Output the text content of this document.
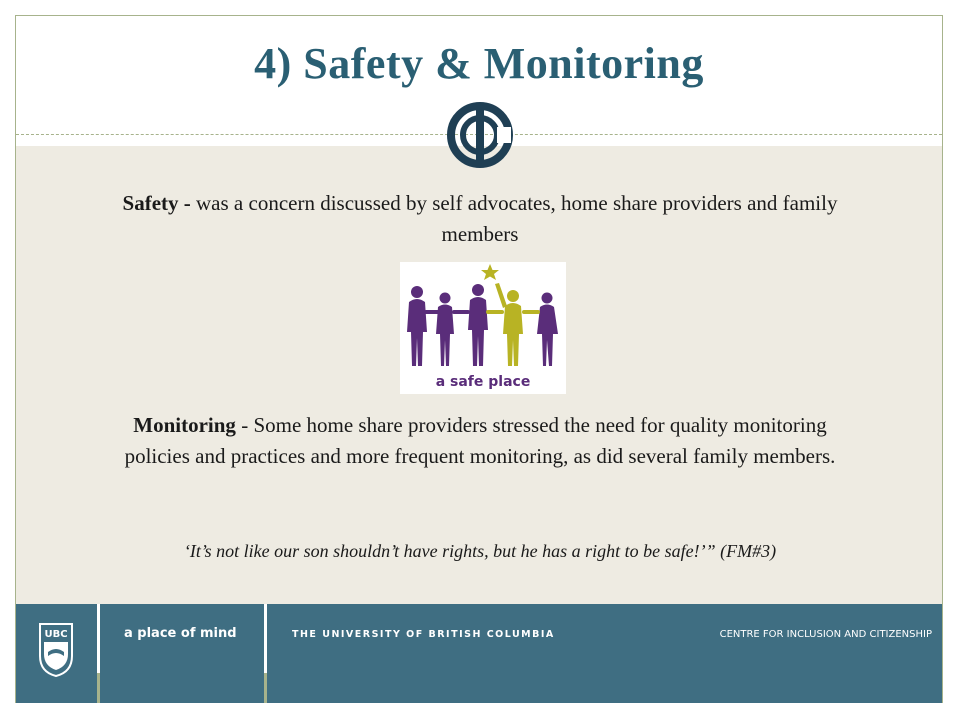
4) Safety & Monitoring
Safety - was a concern discussed by self advocates, home share providers and family members
a safe place
Monitoring - Some home share providers stressed the need for quality monitoring policies and practices and more frequent monitoring, as did several family members.
‘It’s not like our son shouldn’t have rights, but he has a right to be safe!’” (FM#3)
UBC	a place of mind	THE UNIVERSITY OF BRITISH COLUMBIA	CENTRE FOR INCLUSION AND CITIZENSHIP
